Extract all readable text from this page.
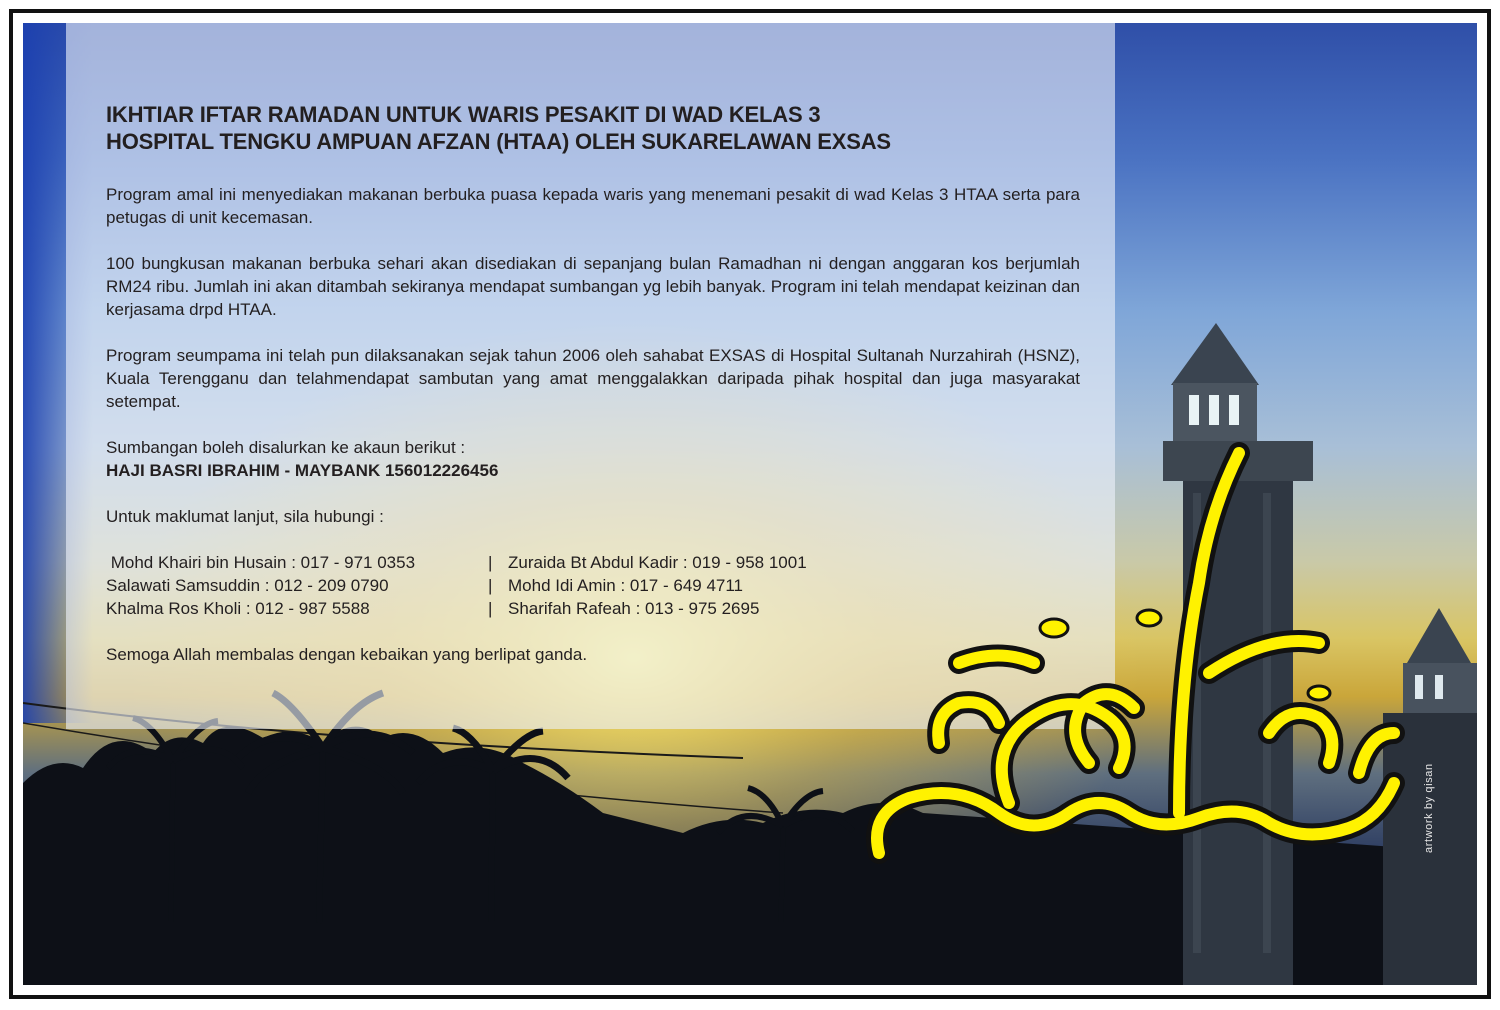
IKHTIAR IFTAR RAMADAN UNTUK WARIS PESAKIT DI WAD KELAS 3
HOSPITAL TENGKU AMPUAN AFZAN (HTAA) OLEH SUKARELAWAN EXSAS

Program amal ini menyediakan makanan berbuka puasa kepada waris yang menemani pesakit di wad Kelas 3 HTAA serta para petugas di unit kecemasan.

100 bungkusan makanan berbuka sehari akan disediakan di sepanjang bulan Ramadhan ni dengan anggaran kos berjumlah RM24 ribu. Jumlah ini akan ditambah sekiranya mendapat sumbangan yg lebih banyak. Program ini telah mendapat keizinan dan kerjasama drpd HTAA.

Program seumpama ini telah pun dilaksanakan sejak tahun 2006 oleh sahabat EXSAS di Hospital Sultanah Nurzahirah (HSNZ), Kuala Terengganu dan telahmendapat sambutan yang amat menggalakkan daripada pihak hospital dan juga masyarakat setempat.

Sumbangan boleh disalurkan ke akaun berikut :
HAJI BASRI IBRAHIM - MAYBANK 156012226456

Untuk maklumat lanjut, sila hubungi :

Mohd Khairi bin Husain : 017 - 971 0353	| Zuraida Bt Abdul Kadir : 019 - 958 1001
Salawati Samsuddin : 012 - 209 0790	| Mohd Idi Amin : 017 - 649 4711
Khalma Ros Kholi : 012 - 987 5588	| Sharifah Rafeah : 013 - 975 2695

Semoga Allah membalas dengan kebaikan yang berlipat ganda.

artwork by qisan
